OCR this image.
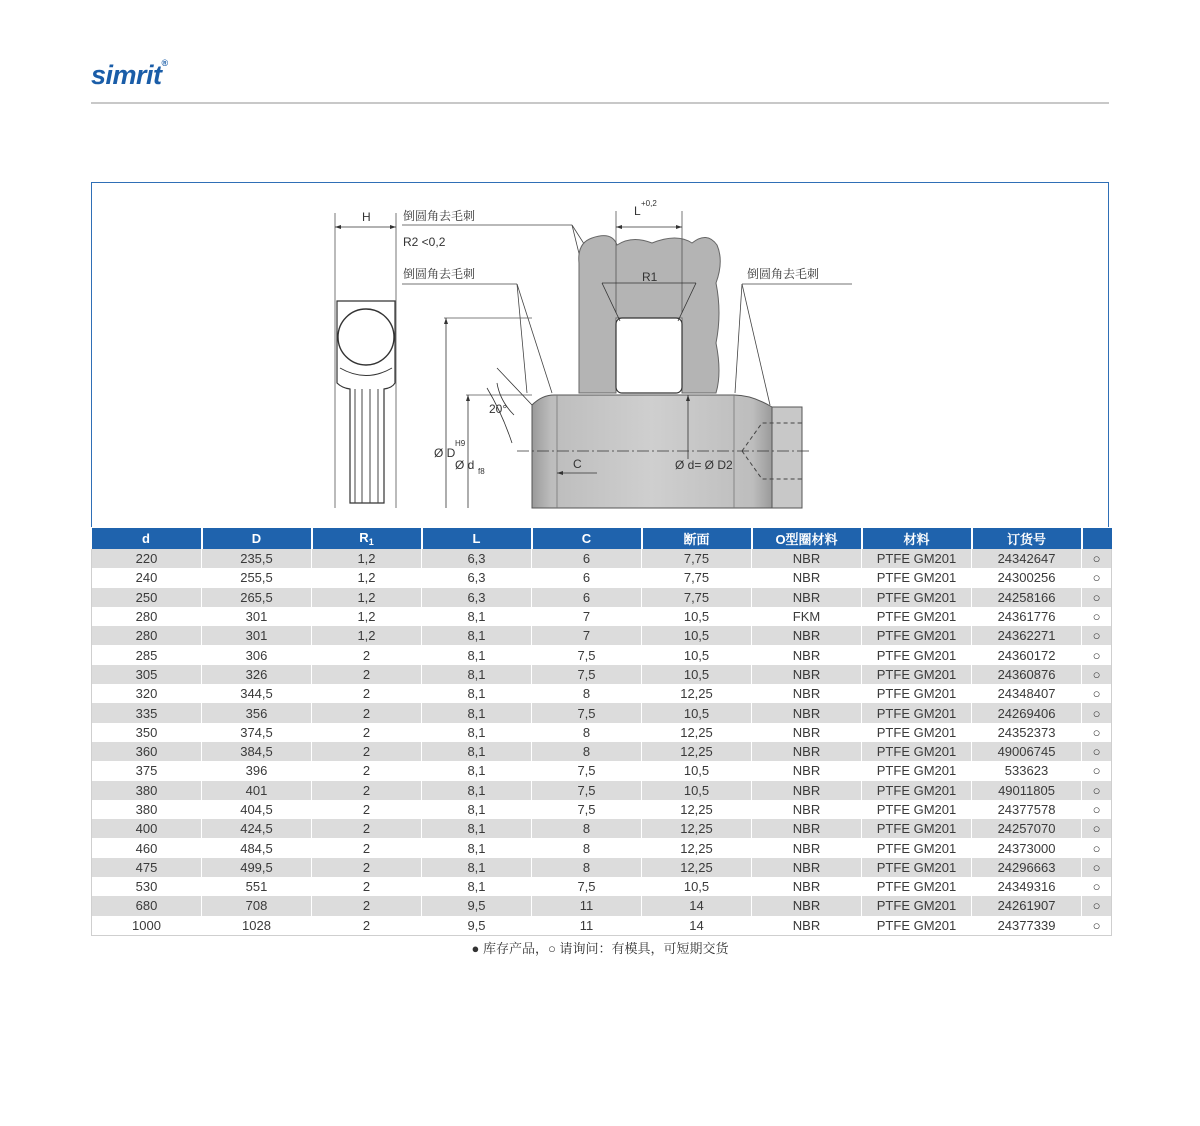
simrit®
H	倒圆角去毛刺
R2 <0,2
倒圆角去毛刺	倒圆角去毛刺
L
+0,2
R1
C
Ø D
H9
Ø d f8
20°
Ø d= Ø D2
d	D	$R_1$	L	C	断面	O型圈材料	材料	订货号	
220	235,5	1,2	6,3	6	7,75	NBR	PTFE GM201	24342647	○
240	255,5	1,2	6,3	6	7,75	NBR	PTFE GM201	24300256	○
250	265,5	1,2	6,3	6	7,75	NBR	PTFE GM201	24258166	○
280	301	1,2	8,1	7	10,5	FKM	PTFE GM201	24361776	○
280	301	1,2	8,1	7	10,5	NBR	PTFE GM201	24362271	○
285	306	2	8,1	7,5	10,5	NBR	PTFE GM201	24360172	○
305	326	2	8,1	7,5	10,5	NBR	PTFE GM201	24360876	○
320	344,5	2	8,1	8	12,25	NBR	PTFE GM201	24348407	○
335	356	2	8,1	7,5	10,5	NBR	PTFE GM201	24269406	○
350	374,5	2	8,1	8	12,25	NBR	PTFE GM201	24352373	○
360	384,5	2	8,1	8	12,25	NBR	PTFE GM201	49006745	○
375	396	2	8,1	7,5	10,5	NBR	PTFE GM201	533623	○
380	401	2	8,1	7,5	10,5	NBR	PTFE GM201	49011805	○
380	404,5	2	8,1	7,5	12,25	NBR	PTFE GM201	24377578	○
400	424,5	2	8,1	8	12,25	NBR	PTFE GM201	24257070	○
460	484,5	2	8,1	8	12,25	NBR	PTFE GM201	24373000	○
475	499,5	2	8,1	8	12,25	NBR	PTFE GM201	24296663	○
530	551	2	8,1	7,5	10,5	NBR	PTFE GM201	24349316	○
680	708	2	9,5	11	14	NBR	PTFE GM201	24261907	○
1000	1028	2	9,5	11	14	NBR	PTFE GM201	24377339	○
● 库存产品，○ 请询问：有模具，可短期交货
